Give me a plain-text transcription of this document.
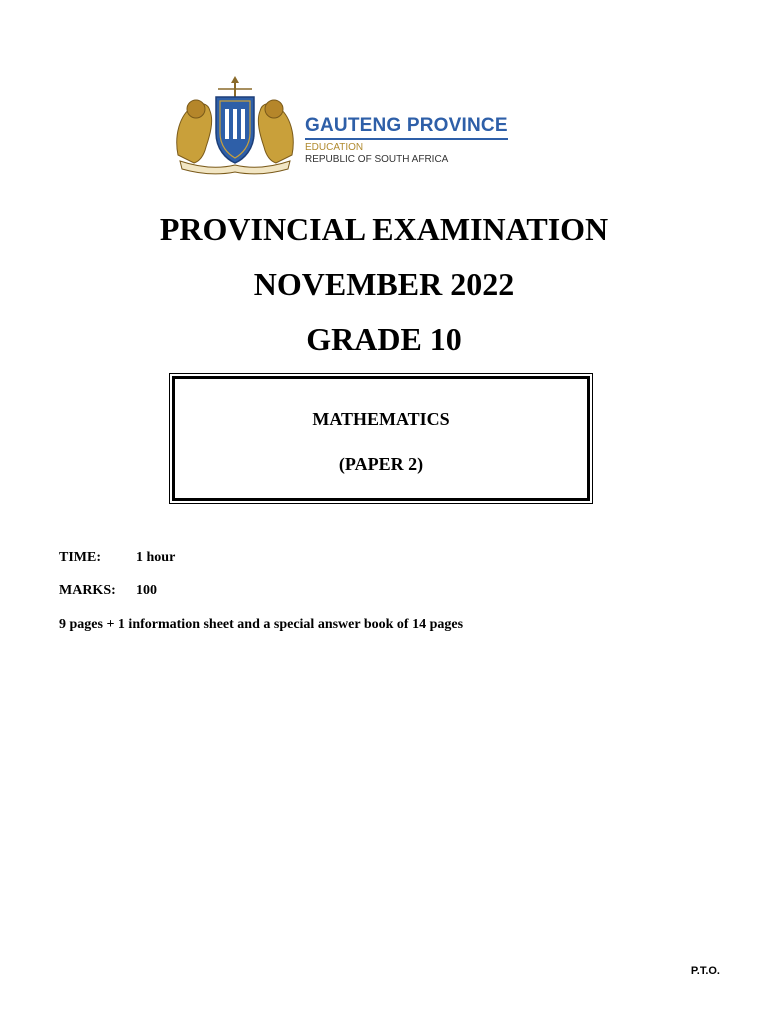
GAUTENG PROVINCE
EDUCATION
REPUBLIC OF SOUTH AFRICA
PROVINCIAL EXAMINATION
NOVEMBER 2022
GRADE 10
MATHEMATICS
(PAPER 2)
TIME:	1 hour
MARKS: 100
9 pages + 1 information sheet and a special answer book of 14 pages
P.T.O.
